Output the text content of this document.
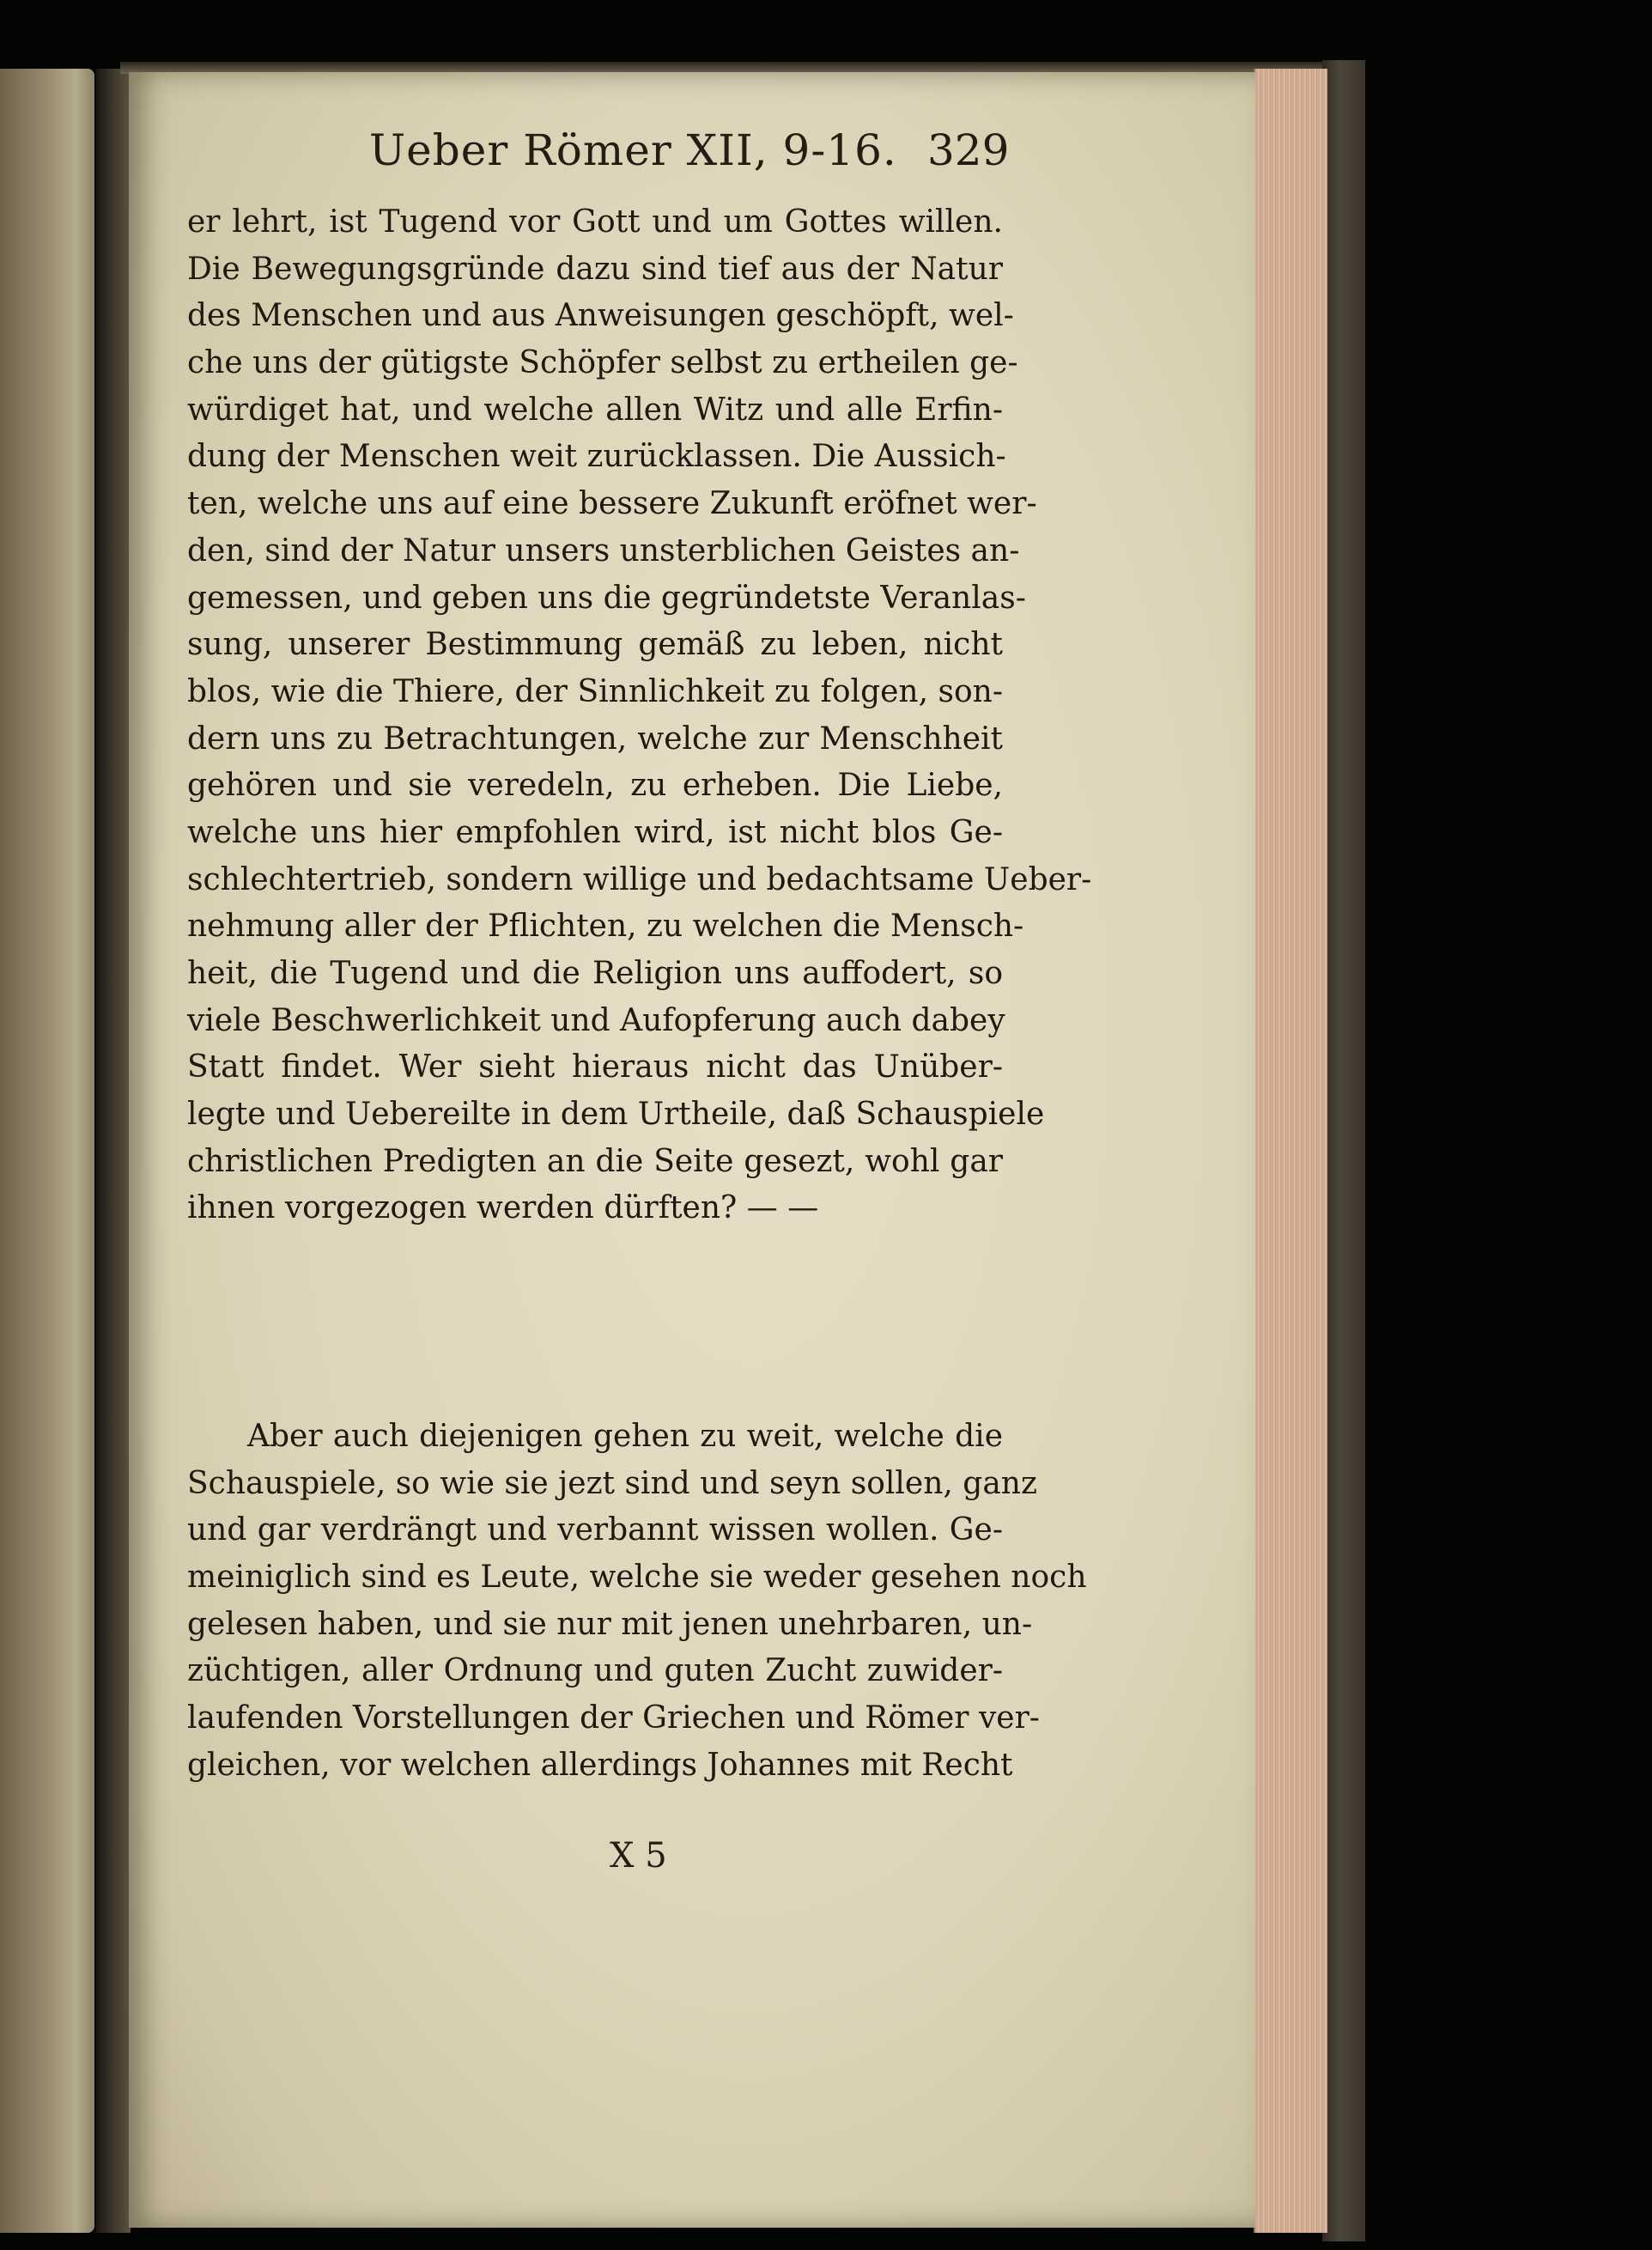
Ueber Römer XII, 9-16. 329
er lehrt, ist Tugend vor Gott und um Gottes willen.
Die Bewegungsgründe dazu sind tief aus der Natur
des Menschen und aus Anweisungen geschöpft, wel-
che uns der gütigste Schöpfer selbst zu ertheilen ge-
würdiget hat, und welche allen Witz und alle Erfin-
dung der Menschen weit zurücklassen. Die Aussich-
ten, welche uns auf eine bessere Zukunft eröfnet wer-
den, sind der Natur unsers unsterblichen Geistes an-
gemessen, und geben uns die gegründetste Veranlas-
sung, unserer Bestimmung gemäß zu leben, nicht
blos, wie die Thiere, der Sinnlichkeit zu folgen, son-
dern uns zu Betrachtungen, welche zur Menschheit
gehören und sie veredeln, zu erheben. Die Liebe,
welche uns hier empfohlen wird, ist nicht blos Ge-
schlechtertrieb, sondern willige und bedachtsame Ueber-
nehmung aller der Pflichten, zu welchen die Mensch-
heit, die Tugend und die Religion uns auffodert, so
viele Beschwerlichkeit und Aufopferung auch dabey
Statt findet. Wer sieht hieraus nicht das Unüber-
legte und Uebereilte in dem Urtheile, daß Schauspiele
christlichen Predigten an die Seite gesezt, wohl gar
ihnen vorgezogen werden dürften? — —
Aber auch diejenigen gehen zu weit, welche die
Schauspiele, so wie sie jezt sind und seyn sollen, ganz
und gar verdrängt und verbannt wissen wollen. Ge-
meiniglich sind es Leute, welche sie weder gesehen noch
gelesen haben, und sie nur mit jenen unehrbaren, un-
züchtigen, aller Ordnung und guten Zucht zuwider-
laufenden Vorstellungen der Griechen und Römer ver-
gleichen, vor welchen allerdings Johannes mit Recht
X 5
